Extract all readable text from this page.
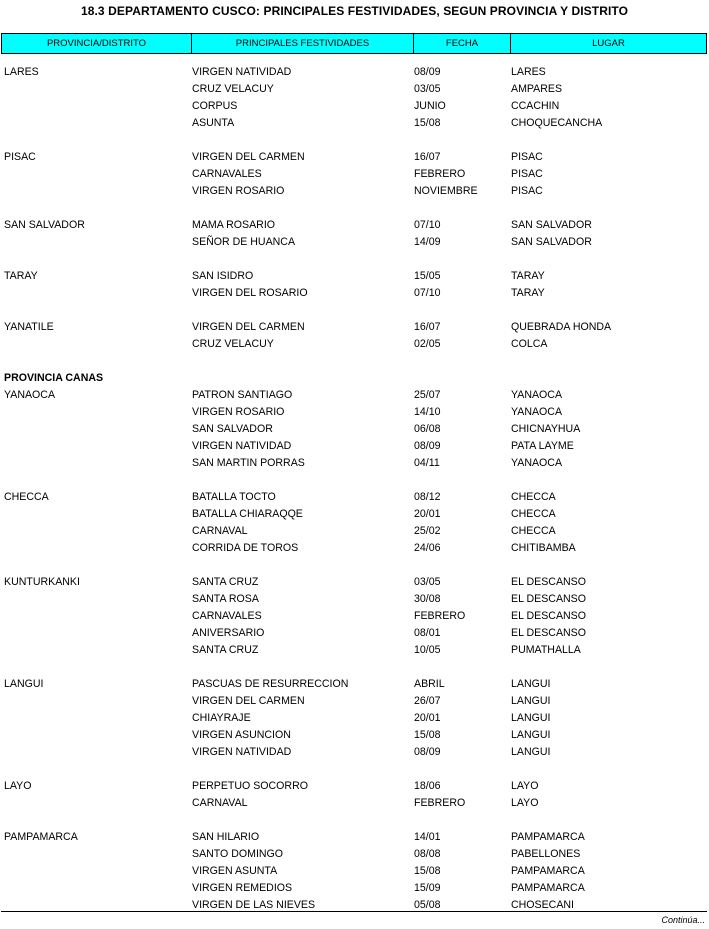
18.3 DEPARTAMENTO CUSCO: PRINCIPALES FESTIVIDADES, SEGUN PROVINCIA Y DISTRITO
PROVINCIA/DISTRITO	PRINCIPALES FESTIVIDADES	FECHA	LUGAR
LARES	VIRGEN NATIVIDAD	08/09	LARES
CRUZ VELACUY	03/05	AMPARES
CORPUS	JUNIO	CCACHIN
ASUNTA	15/08	CHOQUECANCHA
PISAC	VIRGEN DEL CARMEN	16/07	PISAC
CARNAVALES	FEBRERO	PISAC
VIRGEN ROSARIO	NOVIEMBRE	PISAC
SAN SALVADOR	MAMA ROSARIO	07/10	SAN SALVADOR
SEÑOR DE HUANCA	14/09	SAN SALVADOR
TARAY	SAN ISIDRO	15/05	TARAY
VIRGEN DEL ROSARIO	07/10	TARAY
YANATILE	VIRGEN DEL CARMEN	16/07	QUEBRADA HONDA
CRUZ VELACUY	02/05	COLCA
PROVINCIA CANAS
YANAOCA	PATRON SANTIAGO	25/07	YANAOCA
VIRGEN ROSARIO	14/10	YANAOCA
SAN SALVADOR	06/08	CHICNAYHUA
VIRGEN NATIVIDAD	08/09	PATA LAYME
SAN MARTIN PORRAS	04/11	YANAOCA
CHECCA	BATALLA TOCTO	08/12	CHECCA
BATALLA CHIARAQQE	20/01	CHECCA
CARNAVAL	25/02	CHECCA
CORRIDA DE TOROS	24/06	CHITIBAMBA
KUNTURKANKI	SANTA CRUZ	03/05	EL DESCANSO
SANTA ROSA	30/08	EL DESCANSO
CARNAVALES	FEBRERO	EL DESCANSO
ANIVERSARIO	08/01	EL DESCANSO
SANTA CRUZ	10/05	PUMATHALLA
LANGUI	PASCUAS DE RESURRECCION	ABRIL	LANGUI
VIRGEN DEL CARMEN	26/07	LANGUI
CHIAYRAJE	20/01	LANGUI
VIRGEN ASUNCION	15/08	LANGUI
VIRGEN NATIVIDAD	08/09	LANGUI
LAYO	PERPETUO SOCORRO	18/06	LAYO
CARNAVAL	FEBRERO	LAYO
PAMPAMARCA	SAN HILARIO	14/01	PAMPAMARCA
SANTO DOMINGO	08/08	PABELLONES
VIRGEN ASUNTA	15/08	PAMPAMARCA
VIRGEN REMEDIOS	15/09	PAMPAMARCA
VIRGEN DE LAS NIEVES	05/08	CHOSECANI
Continúa...
